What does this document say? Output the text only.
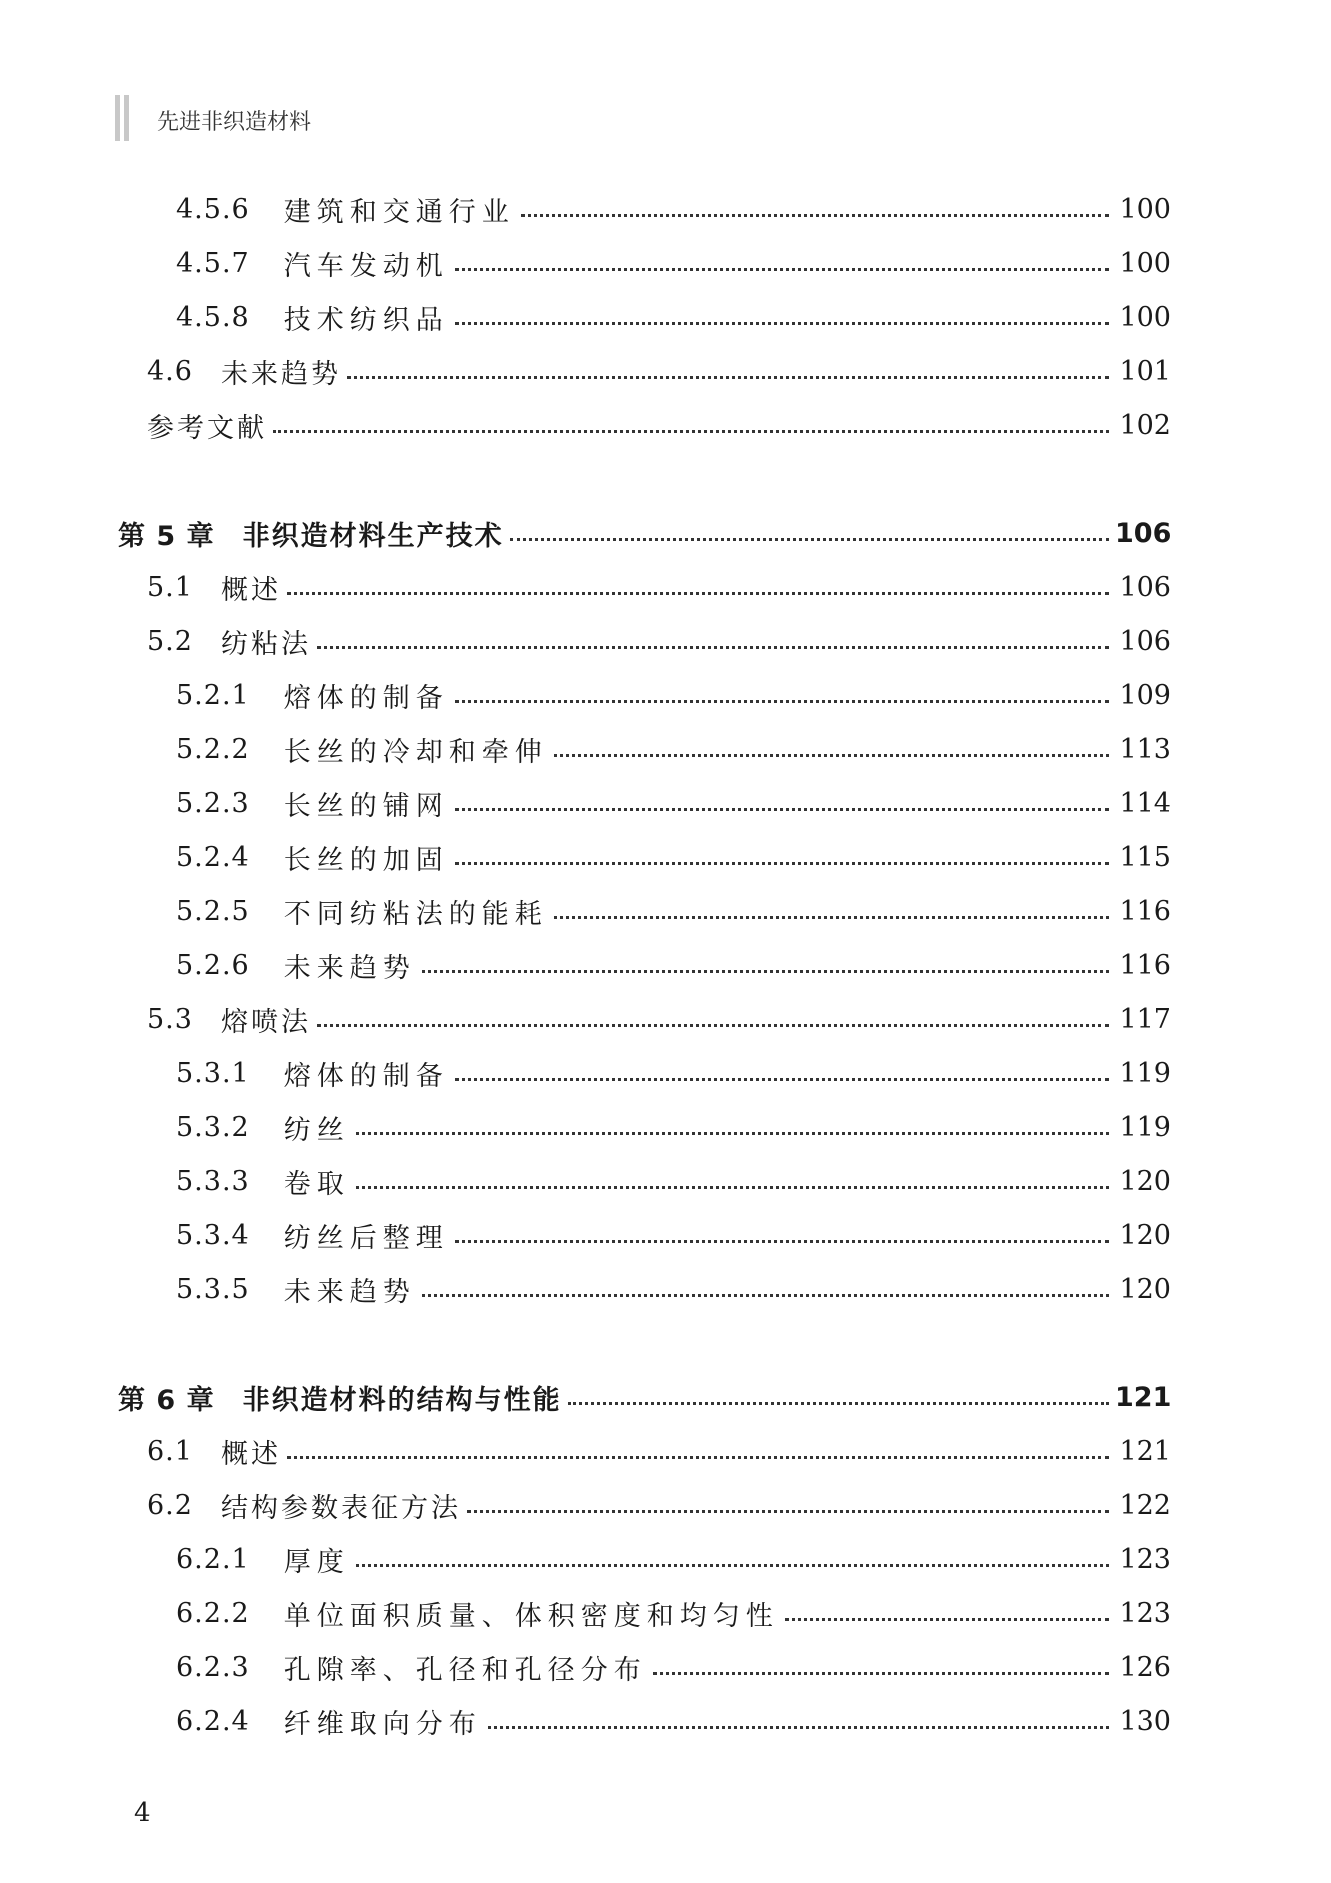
先进非织造材料
4.5.6 建筑和交通行业	100
4.5.7 汽车发动机	100
4.5.8 技术纺织品	100
4.6 未来趋势	101
参考文献	102
第 5 章 非织造材料生产技术	106
5.1 概述	106
5.2 纺粘法	106
5.2.1 熔体的制备	109
5.2.2 长丝的冷却和牵伸	113
5.2.3 长丝的铺网	114
5.2.4 长丝的加固	115
5.2.5 不同纺粘法的能耗	116
5.2.6 未来趋势	116
5.3 熔喷法	117
5.3.1 熔体的制备	119
5.3.2 纺丝	119
5.3.3 卷取	120
5.3.4 纺丝后整理	120
5.3.5 未来趋势	120
第 6 章 非织造材料的结构与性能	121
6.1 概述	121
6.2 结构参数表征方法	122
6.2.1 厚度	123
6.2.2 单位面积质量、体积密度和均匀性	123
6.2.3 孔隙率、孔径和孔径分布	126
6.2.4 纤维取向分布	130
4
